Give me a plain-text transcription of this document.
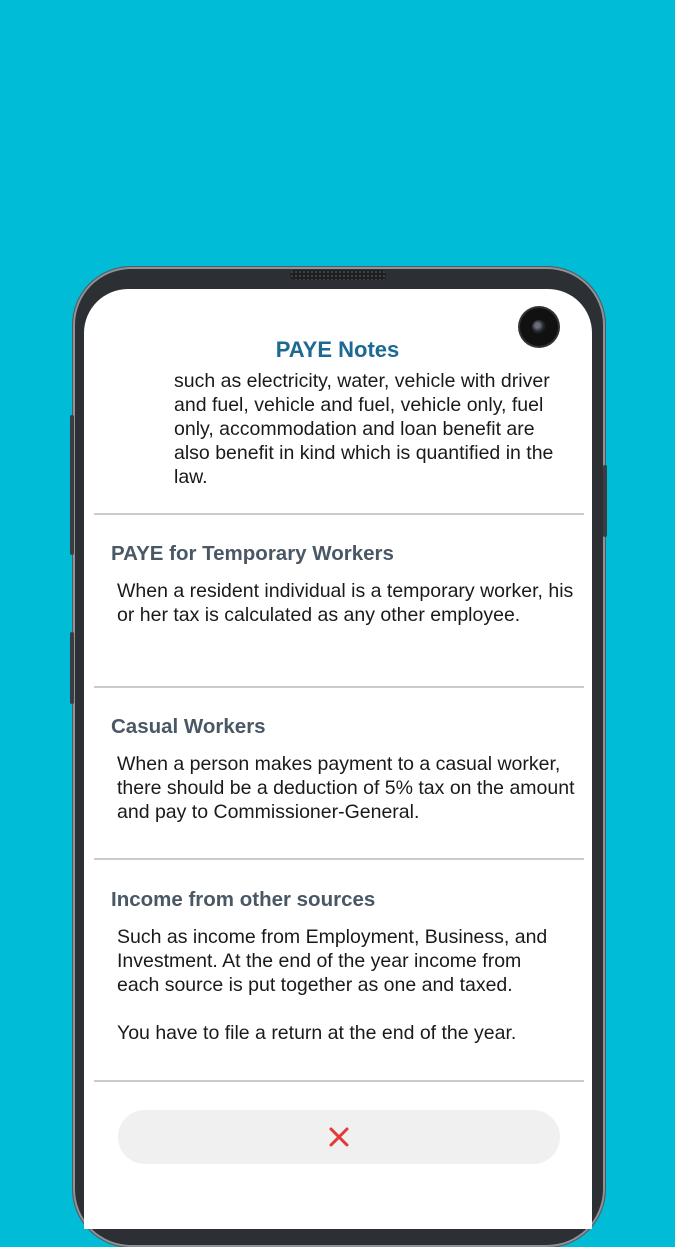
PAYE Notes
such as electricity, water, vehicle with driver and fuel, vehicle and fuel, vehicle only, fuel only, accommodation and loan benefit are also benefit in kind which is quantified in the law.
PAYE for Temporary Workers
When a resident individual is a temporary worker, his or her tax is calculated as any other employee.
Casual Workers
When a person makes payment to a casual worker, there should be a deduction of 5% tax on the amount and pay to Commissioner-General.
Income from other sources
Such as income from Employment, Business, and Investment. At the end of the year income from each source is put together as one and taxed.
You have to file a return at the end of the year.
